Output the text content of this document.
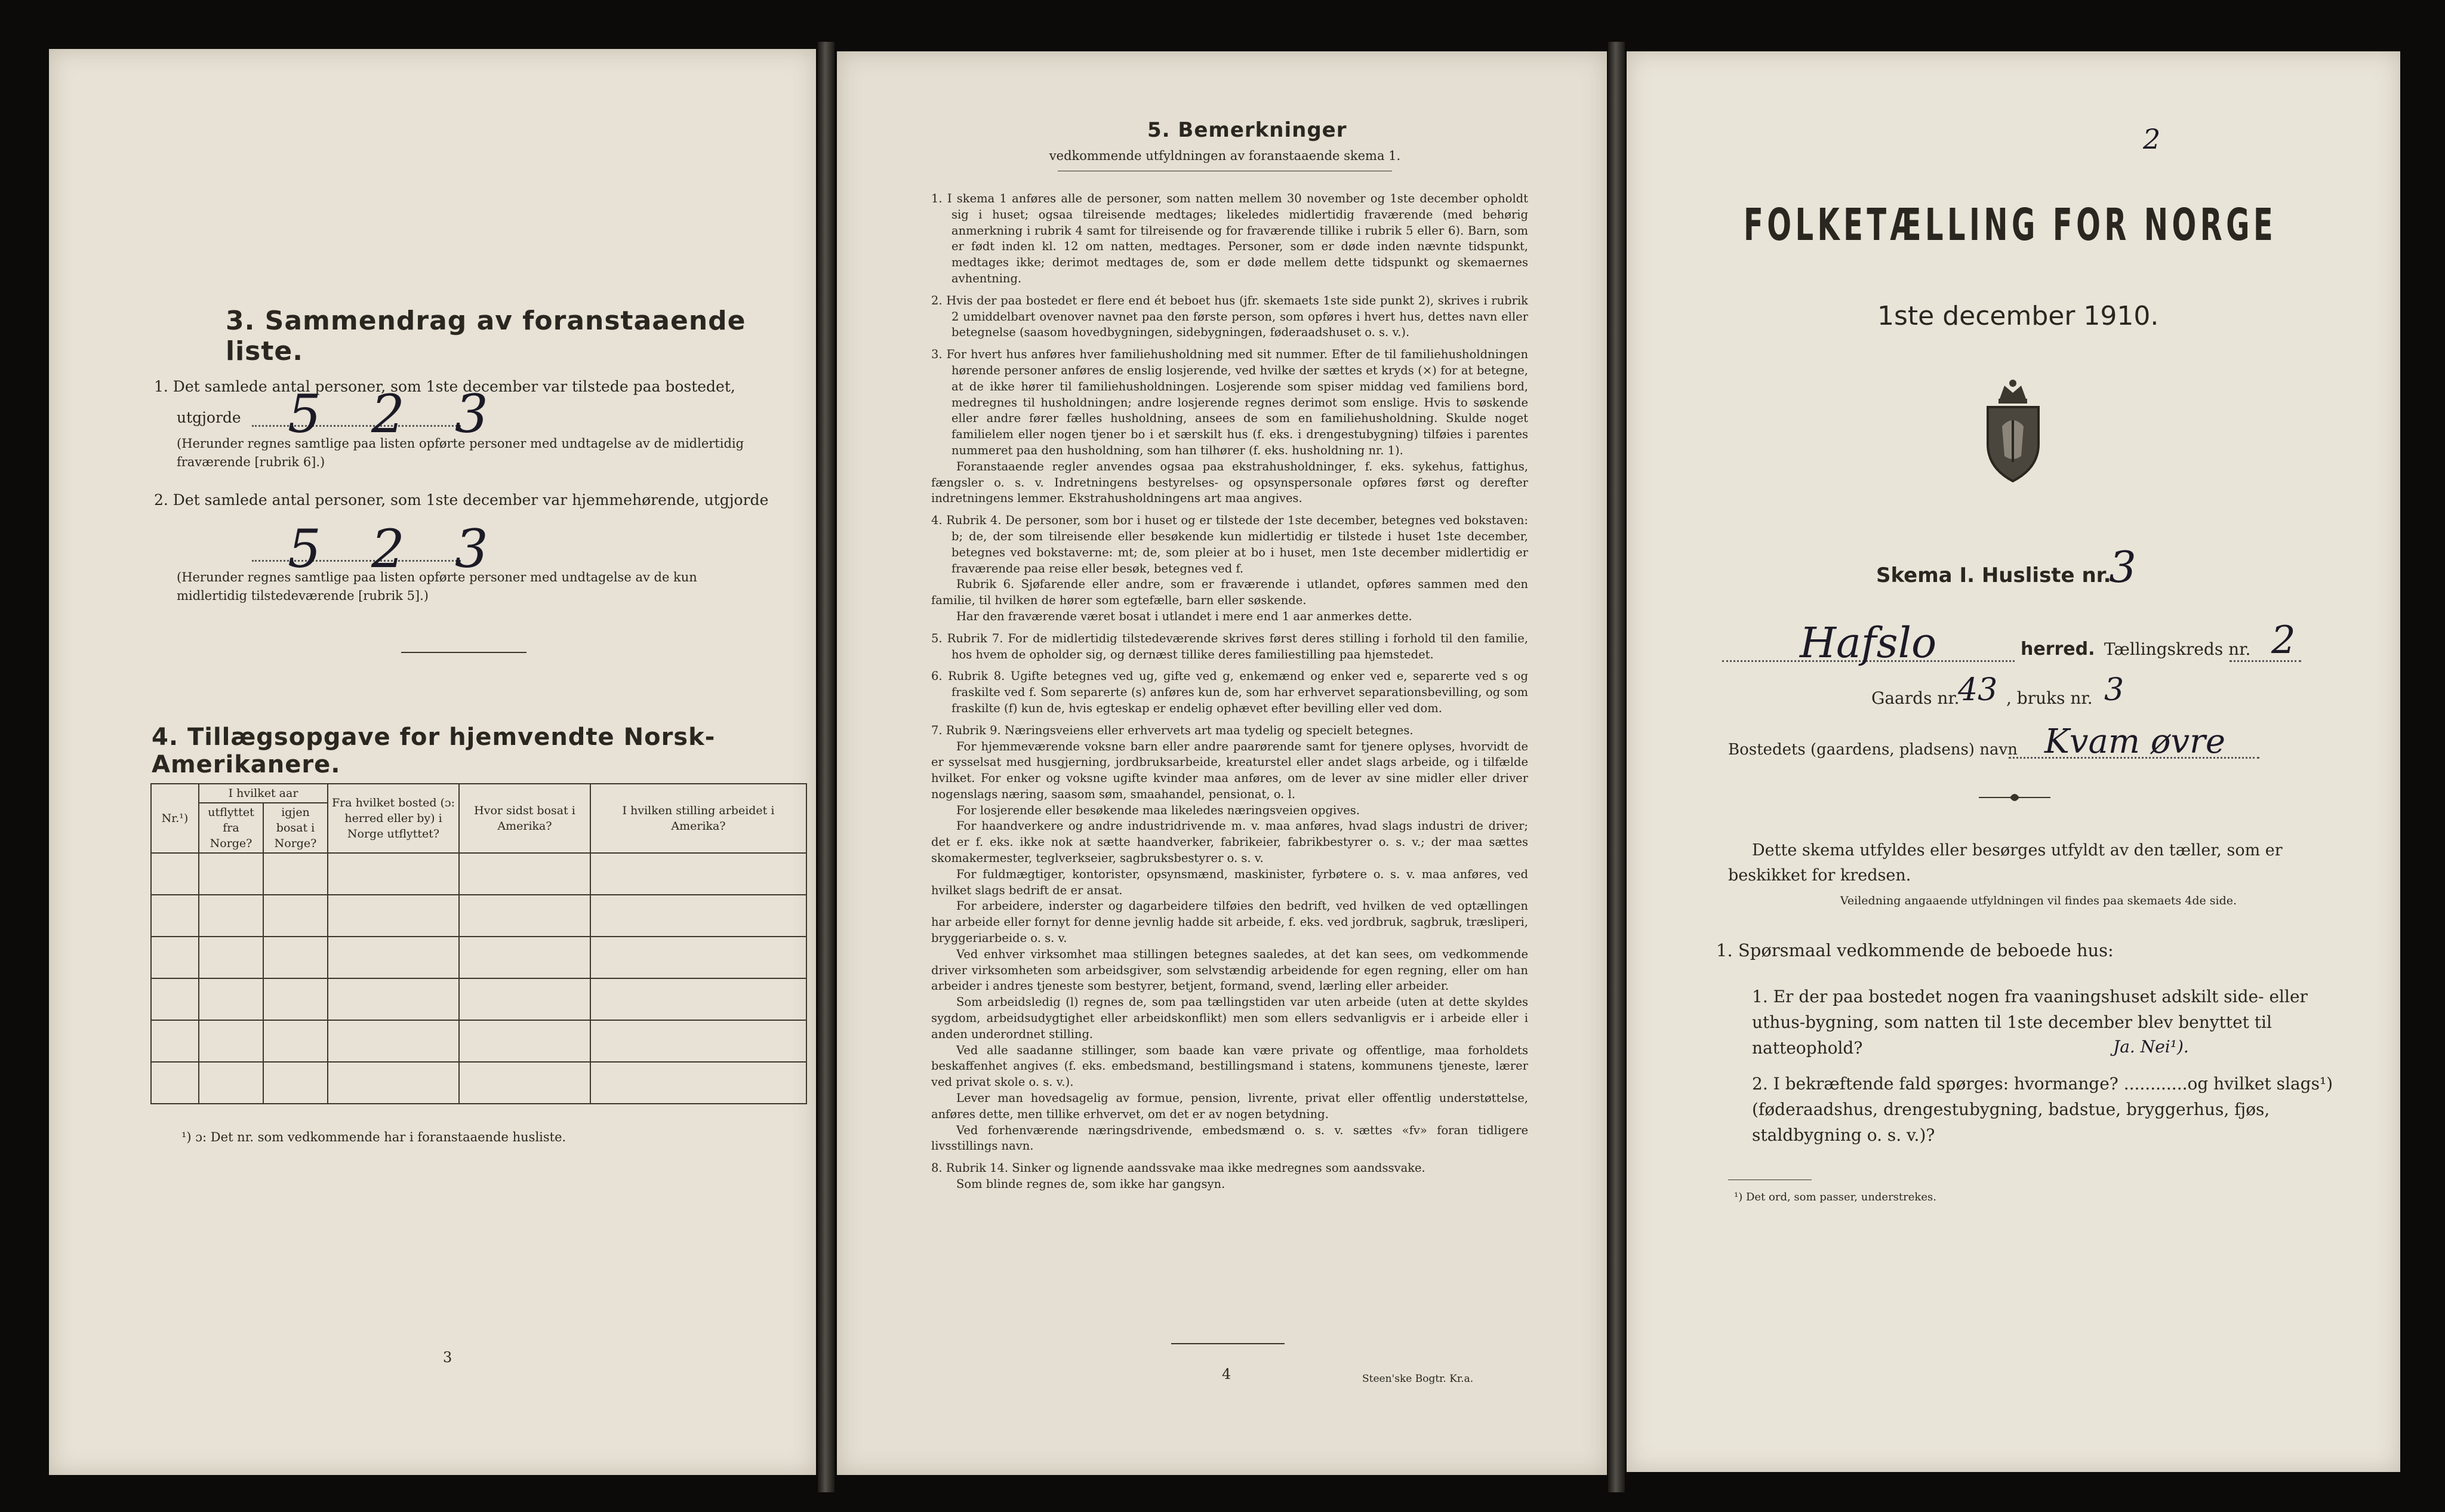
3. Sammendrag av foranstaaende liste.
1. Det samlede antal personer, som 1ste december var tilstede paa bostedet,
utgjorde 5 2 3
(Herunder regnes samtlige paa listen opførte personer med undtagelse av de midlertidig fraværende [rubrik 6].)
2. Det samlede antal personer, som 1ste december var hjemmehørende, utgjorde
5 2 3
(Herunder regnes samtlige paa listen opførte personer med undtagelse av de kun midlertidig tilstedeværende [rubrik 5].)
4. Tillægsopgave for hjemvendte Norsk-Amerikanere.
Nr.¹)	I hvilket aar		Fra hvilket bosted (ɔ: herred eller by) i Norge utflyttet?	Hvor sidst bosat i Amerika?	I hvilken stilling arbeidet i Amerika?
	utflyttet fra Norge?	igjen bosat i Norge?			

¹) ɔ: Det nr. som vedkommende har i foranstaaende husliste.
3
5. Bemerkninger
vedkommende utfyldningen av foranstaaende skema 1.

1. I skema 1 anføres alle de personer, som natten mellem 30 november og 1ste december opholdt sig i huset; ogsaa tilreisende medtages; likeledes midlertidig fraværende (med behørig anmerkning i rubrik 4 samt for tilreisende og for fraværende tillike i rubrik 5 eller 6). Barn, som er født inden kl. 12 om natten, medtages. Personer, som er døde inden nævnte tidspunkt, medtages ikke; derimot medtages de, som er døde mellem dette tidspunkt og skemaernes avhentning.

2. Hvis der paa bostedet er flere end ét beboet hus (jfr. skemaets 1ste side punkt 2), skrives i rubrik 2 umiddelbart ovenover navnet paa den første person, som opføres i hvert hus, dettes navn eller betegnelse (saasom hovedbygningen, sidebygningen, føderaadshuset o. s. v.).

3. For hvert hus anføres hver familiehusholdning med sit nummer. Efter de til familiehusholdningen hørende personer anføres de enslig losjerende, ved hvilke der sættes et kryds (×) for at betegne, at de ikke hører til familiehusholdningen. Losjerende som spiser middag ved familiens bord, medregnes til husholdningen; andre losjerende regnes derimot som enslige. Hvis to søskende eller andre fører fælles husholdning, ansees de som en familiehusholdning. Skulde noget familielem eller nogen tjener bo i et særskilt hus (f. eks. i drengestubygning) tilføies i parentes nummeret paa den husholdning, som han tilhører (f. eks. husholdning nr. 1).

Foranstaaende regler anvendes ogsaa paa ekstrahusholdninger, f. eks. sykehus, fattighus, fængsler o. s. v. Indretningens bestyrelses- og opsynspersonale opføres først og derefter indretningens lemmer. Ekstrahusholdningens art maa angives.

4. Rubrik 4. De personer, som bor i huset og er tilstede der 1ste december, betegnes ved bokstaven: b; de, der som tilreisende eller besøkende kun midlertidig er tilstede i huset 1ste december, betegnes ved bokstaverne: mt; de, som pleier at bo i huset, men 1ste december midlertidig er fraværende paa reise eller besøk, betegnes ved f.

Rubrik 6. Sjøfarende eller andre, som er fraværende i utlandet, opføres sammen med den familie, til hvilken de hører som egtefælle, barn eller søskende.

Har den fraværende været bosat i utlandet i mere end 1 aar anmerkes dette.

5. Rubrik 7. For de midlertidig tilstedeværende skrives først deres stilling i forhold til den familie, hos hvem de opholder sig, og dernæst tillike deres familiestilling paa hjemstedet.

6. Rubrik 8. Ugifte betegnes ved ug, gifte ved g, enkemænd og enker ved e, separerte ved s og fraskilte ved f. Som separerte (s) anføres kun de, som har erhvervet separationsbevilling, og som fraskilte (f) kun de, hvis egteskap er endelig ophævet efter bevilling eller ved dom.

7. Rubrik 9. Næringsveiens eller erhvervets art maa tydelig og specielt betegnes.

For hjemmeværende voksne barn eller andre paarørende samt for tjenere oplyses, hvorvidt de er sysselsat med husgjerning, jordbruksarbeide, kreaturstel eller andet slags arbeide, og i tilfælde hvilket. For enker og voksne ugifte kvinder maa anføres, om de lever av sine midler eller driver nogenslags næring, saasom søm, smaahandel, pensionat, o. l.

For losjerende eller besøkende maa likeledes næringsveien opgives.

For haandverkere og andre industridrivende m. v. maa anføres, hvad slags industri de driver; det er f. eks. ikke nok at sætte haandverker, fabrikeier, fabrikbestyrer o. s. v.; der maa sættes skomakermester, teglverkseier, sagbruksbestyrer o. s. v.

For fuldmægtiger, kontorister, opsynsmænd, maskinister, fyrbøtere o. s. v. maa anføres, ved hvilket slags bedrift de er ansat.

For arbeidere, inderster og dagarbeidere tilføies den bedrift, ved hvilken de ved optællingen har arbeide eller fornyt for denne jevnlig hadde sit arbeide, f. eks. ved jordbruk, sagbruk, træsliperi, bryggeriarbeide o. s. v.

Ved enhver virksomhet maa stillingen betegnes saaledes, at det kan sees, om vedkommende driver virksomheten som arbeidsgiver, som selvstændig arbeidende for egen regning, eller om han arbeider i andres tjeneste som bestyrer, betjent, formand, svend, lærling eller arbeider.

Som arbeidsledig (l) regnes de, som paa tællingstiden var uten arbeide (uten at dette skyldes sygdom, arbeidsudygtighet eller arbeidskonflikt) men som ellers sedvanligvis er i arbeide eller i anden underordnet stilling.

Ved alle saadanne stillinger, som baade kan være private og offentlige, maa forholdets beskaffenhet angives (f. eks. embedsmand, bestillingsmand i statens, kommunens tjeneste, lærer ved privat skole o. s. v.).

Lever man hovedsagelig av formue, pension, livrente, privat eller offentlig understøttelse, anføres dette, men tillike erhvervet, om det er av nogen betydning.

Ved forhenværende næringsdrivende, embedsmænd o. s. v. sættes «fv» foran tidligere livsstillings navn.

8. Rubrik 14. Sinker og lignende aandssvake maa ikke medregnes som aandssvake.

Som blinde regnes de, som ikke har gangsyn.

4	Steen'ske Bogtr. Kr.a.
2
FOLKETÆLLING FOR NORGE
1ste december 1910.
Skema I. Husliste nr.
3
Hafslo	herred. Tællingskreds nr. 2
Gaards nr.
43 , bruks nr. 3
Bostedets (gaardens, pladsens) navn Kvam øvre
Dette skema utfyldes eller besørges utfyldt av den tæller, som er beskikket for kredsen.
Veiledning angaaende utfyldningen vil findes paa skemaets 4de side.
1. Spørsmaal vedkommende de beboede hus:
1. Er der paa bostedet nogen fra vaaningshuset adskilt side- eller uthus-bygning, som natten til 1ste december blev benyttet til natteophold?	Ja. Nei¹).
2. I bekræftende fald spørges: hvormange? ............og hvilket slags¹) (føderaadshus, drengestubygning, badstue, bryggerhus, fjøs, staldbygning o. s. v.)?
¹) Det ord, som passer, understrekes.
